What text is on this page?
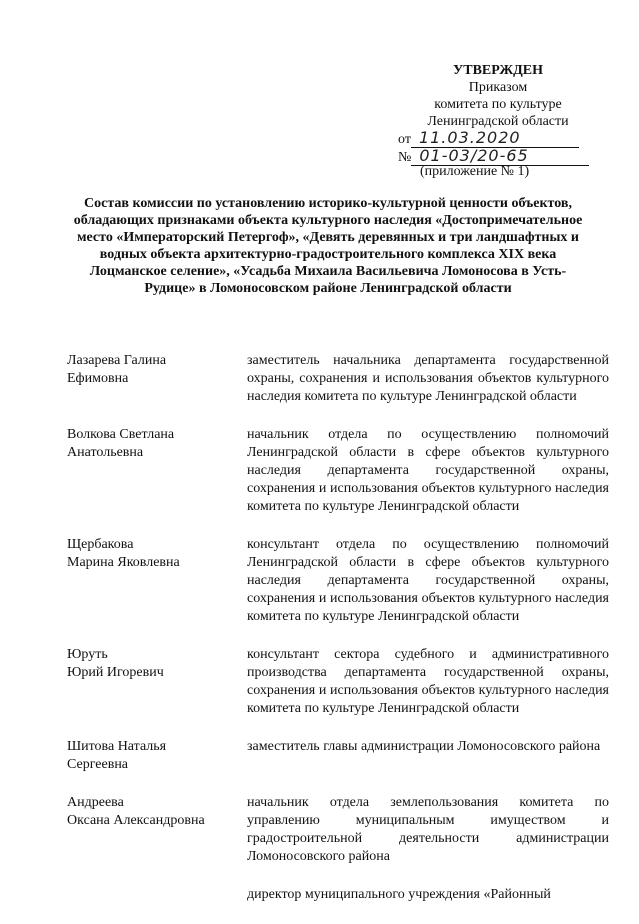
УТВЕРЖДЕН
Приказом
комитета по культуре
Ленинградской области
от 11.03.2020
№ 01-03/20-65
(приложение № 1)
Состав комиссии по установлению историко-культурной ценности объектов, обладающих признаками объекта культурного наследия «Достопримечательное место «Императорский Петергоф», «Девять деревянных и три ландшафтных и водных объекта архитектурно-градостроительного комплекса XIX века Лоцманское селение», «Усадьба Михаила Васильевича Ломоносова в Усть-Рудице» в Ломоносовском районе Ленинградской области
Лазарева Галина
Ефимовна
заместитель начальника департамента государственной охраны, сохранения и использования объектов культурного наследия комитета по культуре Ленинградской области
Волкова Светлана
Анатольевна
начальник отдела по осуществлению полномочий Ленинградской области в сфере объектов культурного наследия департамента государственной охраны, сохранения и использования объектов культурного наследия комитета по культуре Ленинградской области
Щербакова
Марина Яковлевна
консультант отдела по осуществлению полномочий Ленинградской области в сфере объектов культурного наследия департамента государственной охраны, сохранения и использования объектов культурного наследия комитета по культуре Ленинградской области
Юруть
Юрий Игоревич
консультант сектора судебного и административного производства департамента государственной охраны, сохранения и использования объектов культурного наследия комитета по культуре Ленинградской области
Шитова Наталья
Сергеевна
заместитель главы администрации Ломоносовского района
Андреева
Оксана Александровна
начальник отдела землепользования комитета по управлению муниципальным имуществом и градостроительной деятельности администрации Ломоносовского района
директор муниципального учреждения «Районный
